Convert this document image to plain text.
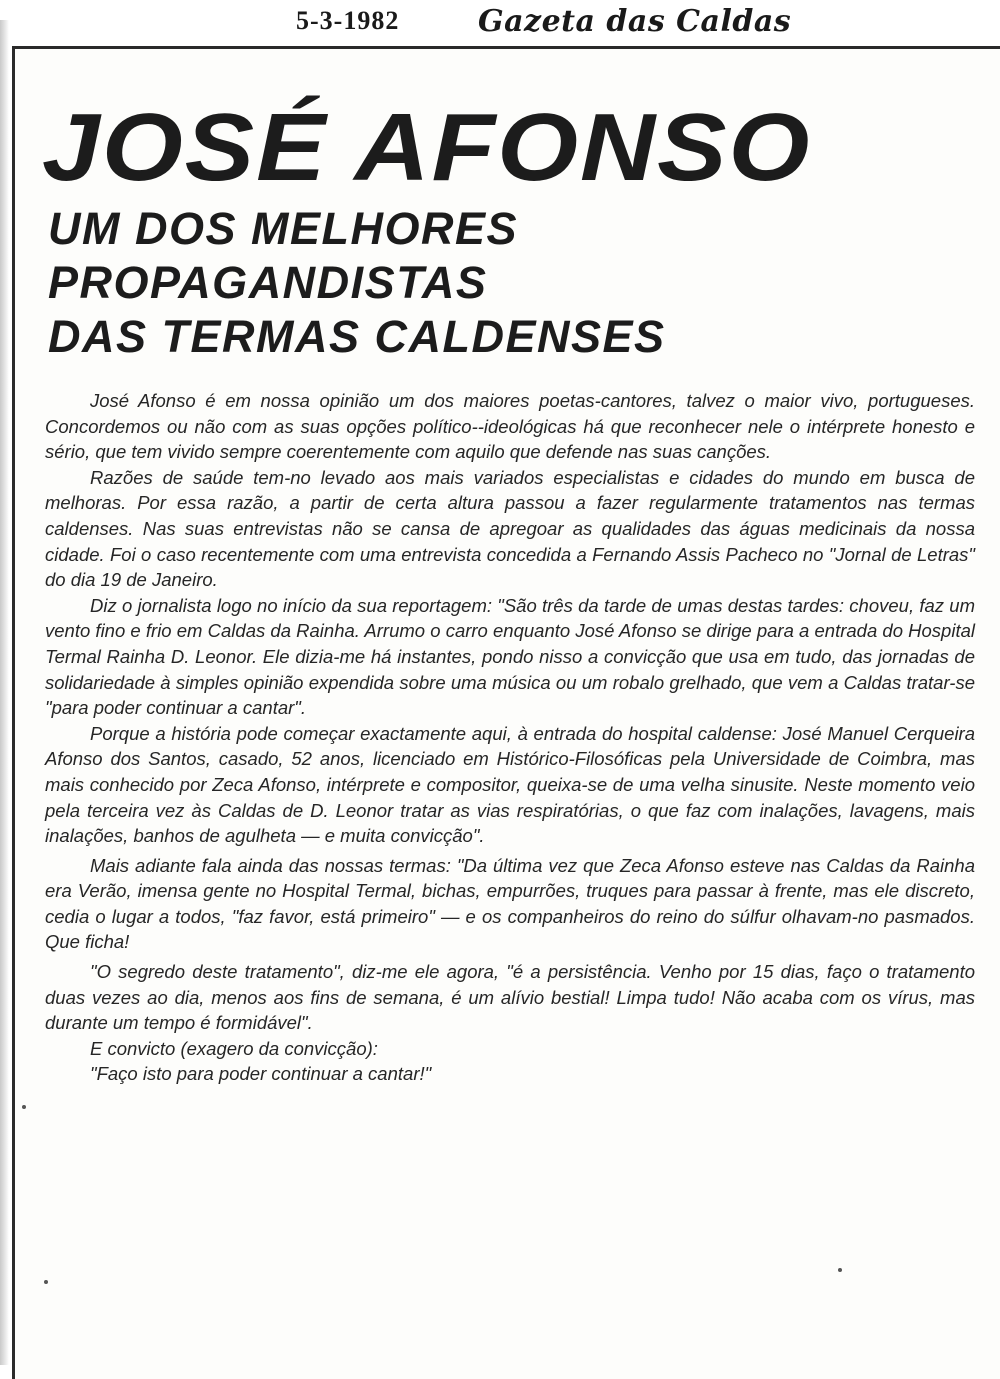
5-3-1982	Gazeta das Caldas
JOSÉ AFONSO
UM DOS MELHORES
PROPAGANDISTAS
DAS TERMAS CALDENSES

José Afonso é em nossa opinião um dos maiores poetas-cantores, talvez o maior vivo, portugueses. Concordemos ou não com as suas opções político--ideológicas há que reconhecer nele o intérprete honesto e sério, que tem vivido sempre coerentemente com aquilo que defende nas suas canções.

Razões de saúde tem-no levado aos mais variados especialistas e cidades do mundo em busca de melhoras. Por essa razão, a partir de certa altura passou a fazer regularmente tratamentos nas termas caldenses. Nas suas entrevistas não se cansa de apregoar as qualidades das águas medicinais da nossa cidade. Foi o caso recentemente com uma entrevista concedida a Fernando Assis Pacheco no "Jornal de Letras" do dia 19 de Janeiro.

Diz o jornalista logo no início da sua reportagem: "São três da tarde de umas destas tardes: choveu, faz um vento fino e frio em Caldas da Rainha. Arrumo o carro enquanto José Afonso se dirige para a entrada do Hospital Termal Rainha D. Leonor. Ele dizia-me há instantes, pondo nisso a convicção que usa em tudo, das jornadas de solidariedade à simples opinião expendida sobre uma música ou um robalo grelhado, que vem a Caldas tratar-se "para poder continuar a cantar".

Porque a história pode começar exactamente aqui, à entrada do hospital caldense: José Manuel Cerqueira Afonso dos Santos, casado, 52 anos, licenciado em Histórico-Filosóficas pela Universidade de Coimbra, mas mais conhecido por Zeca Afonso, intérprete e compositor, queixa-se de uma velha sinusite. Neste momento veio pela terceira vez às Caldas de D. Leonor tratar as vias respiratórias, o que faz com inalações, lavagens, mais inalações, banhos de agulheta — e muita convicção".

Mais adiante fala ainda das nossas termas: "Da última vez que Zeca Afonso esteve nas Caldas da Rainha era Verão, imensa gente no Hospital Termal, bichas, empurrões, truques para passar à frente, mas ele discreto, cedia o lugar a todos, "faz favor, está primeiro" — e os companheiros do reino do súlfur olhavam-no pasmados. Que ficha!

"O segredo deste tratamento", diz-me ele agora, "é a persistência. Venho por 15 dias, faço o tratamento duas vezes ao dia, menos aos fins de semana, é um alívio bestial! Limpa tudo! Não acaba com os vírus, mas durante um tempo é formidável".

E convicto (exagero da convicção):

"Faço isto para poder continuar a cantar!"
